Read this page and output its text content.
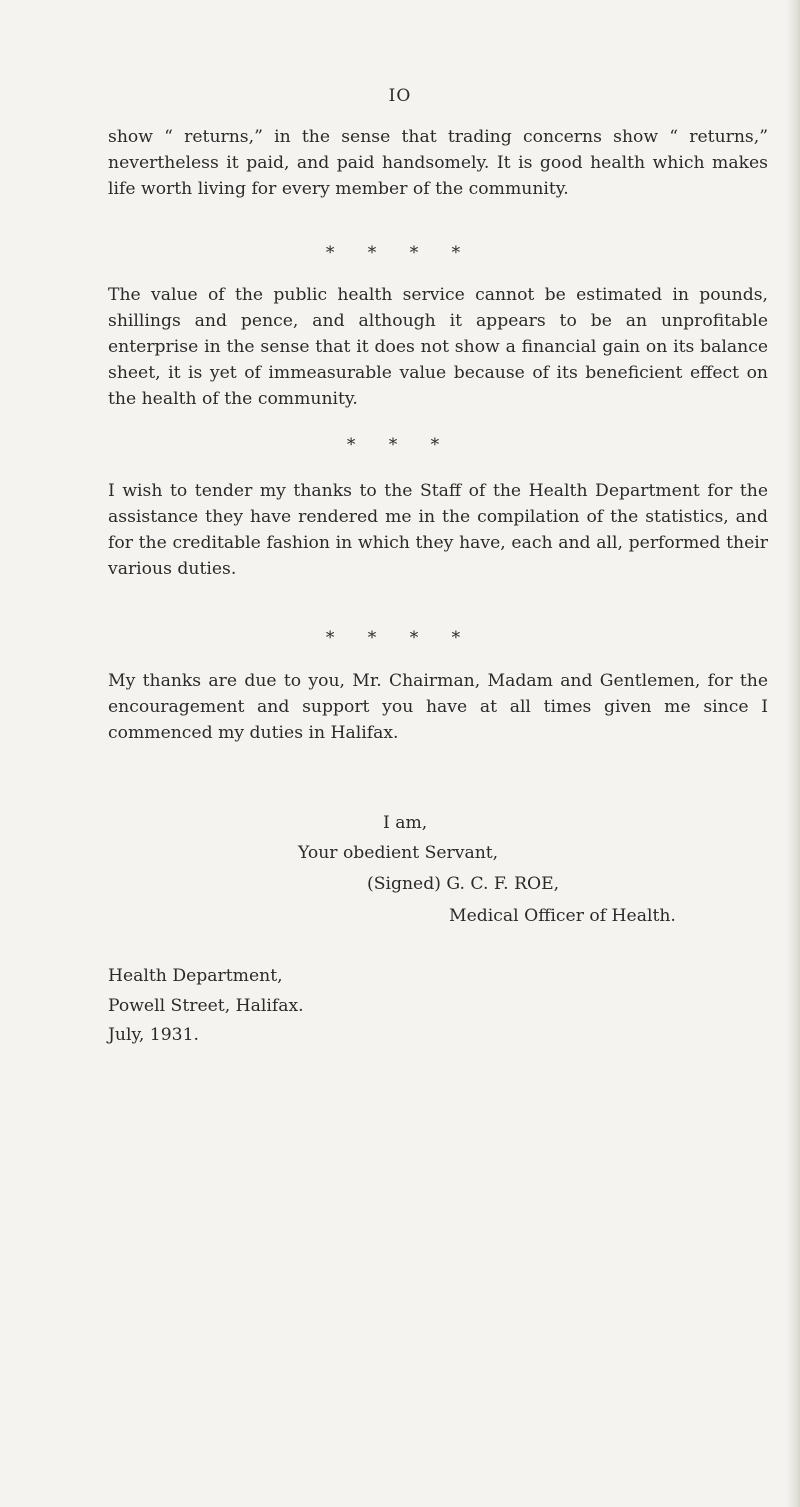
IO

show “ returns,” in the sense that trading concerns show “ returns,” nevertheless it paid, and paid handsomely. It is good health which makes life worth living for every member of the community.

* * * *

The value of the public health service cannot be estimated in pounds, shillings and pence, and although it appears to be an unprofitable enterprise in the sense that it does not show a financial gain on its balance sheet, it is yet of immeasurable value because of its beneficient effect on the health of the community.

* * *

I wish to tender my thanks to the Staff of the Health Department for the assistance they have rendered me in the compilation of the statistics, and for the creditable fashion in which they have, each and all, performed their various duties.

* * * *

My thanks are due to you, Mr. Chairman, Madam and Gentlemen, for the encouragement and support you have at all times given me since I commenced my duties in Halifax.

I am,
Your obedient Servant,
(Signed) G. C. F. ROE,
Medical Officer of Health.
Health Department,
Powell Street, Halifax.
July, 1931.
